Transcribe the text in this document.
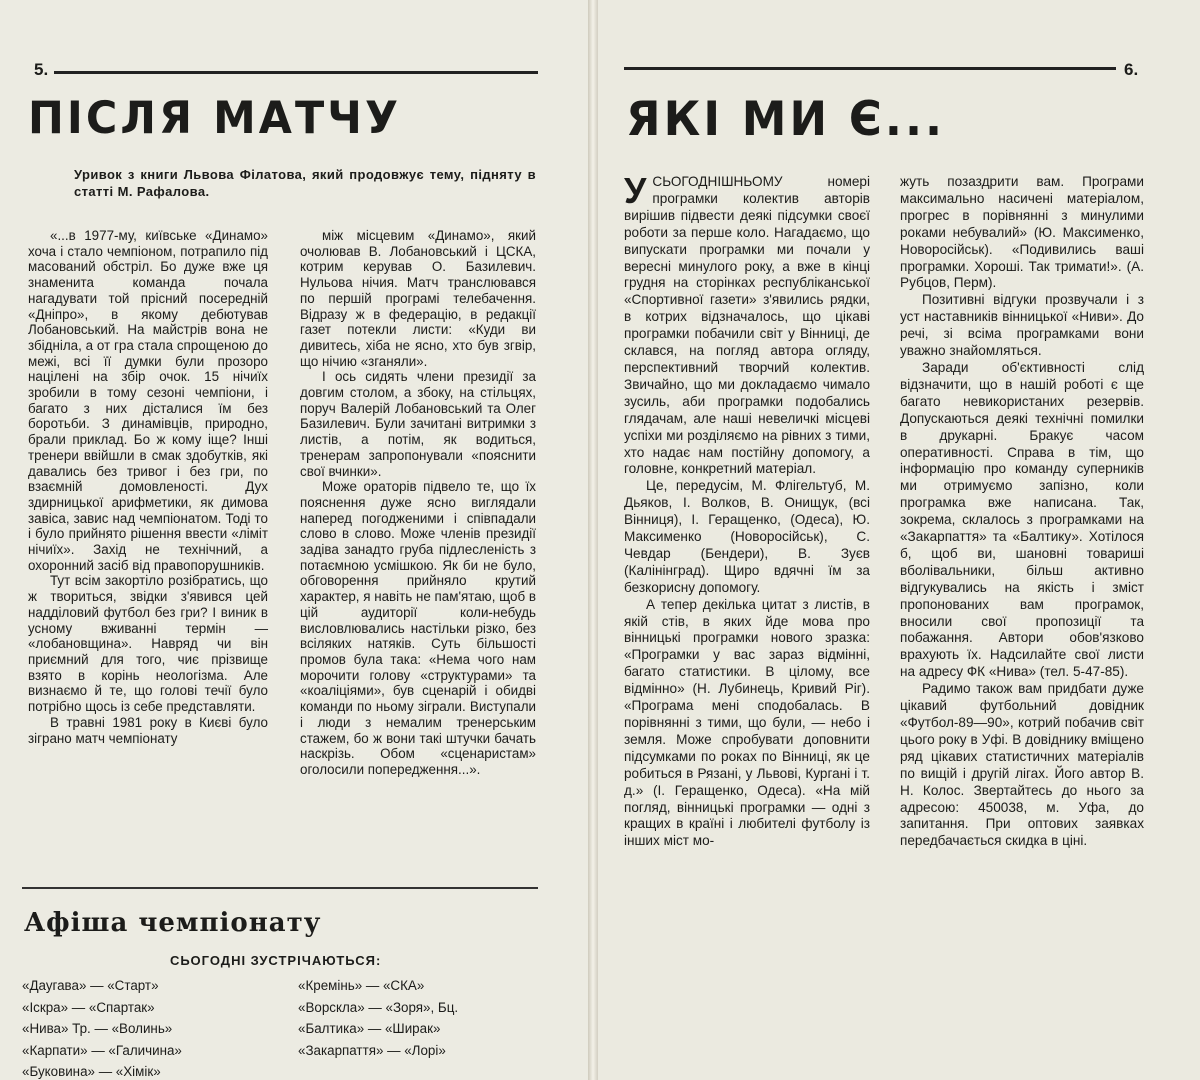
5.
ПІСЛЯ МАТЧУ

Уривок з книги Львова Філатова, який продовжує тему, підняту в статті М. Рафалова.

«...в 1977-му, київське «Динамо» хоча і стало чемпіоном, потрапило під масований обстріл. Бо дуже вже ця знаменита команда почала нагадувати той прісний посередній «Дніпро», в якому дебютував Лобановський. На майстрів вона не збідніла, а от гра стала спрощеною до межі, всі її думки були прозоро націлені на збір очок. 15 нічиїх зробили в тому сезоні чемпіони, і багато з них дісталися їм без боротьби. З динамівців, природно, брали приклад. Бо ж кому іще? Інші тренери ввійшли в смак здобутків, які давались без тривог і без гри, по взаємній домовленості. Дух здирницької арифметики, як димова завіса, завис над чемпіонатом. Тоді то і було прийнято рішення ввести «ліміт нічиїх». Захід не технічний, а охоронний засіб від правопорушників.

Тут всім закортіло розібратись, що ж твориться, звідки з'явився цей надділовий футбол без гри? І виник в усному вживанні термін — «лобановщина». Навряд чи він приємний для того, чиє прізвище взято в корінь неологізма. Але визнаємо й те, що голові течії було потрібно щось із себе представляти.

В травні 1981 року в Києві було зіграно матч чемпіонату

між місцевим «Динамо», який очолював В. Лобановський і ЦСКА, котрим керував О. Базилевич. Нульова нічия. Матч транслювався по першій програмі телебачення. Відразу ж в федерацію, в редакції газет потекли листи: «Куди ви дивитесь, хіба не ясно, хто був згвір, що нічию «зганяли».

І ось сидять члени президії за довгим столом, а збоку, на стільцях, поруч Валерій Лобановський та Олег Базилевич. Були зачитані витримки з листів, а потім, як водиться, тренерам запропонували «пояснити свої вчинки».

Може ораторів підвело те, що їх пояснення дуже ясно виглядали наперед погодженими і співпадали слово в слово. Може членів президії задіва занадто груба підлесленість з потаємною усмішкою. Як би не було, обговорення прийняло крутий характер, я навіть не пам'ятаю, щоб в цій аудиторії коли-небудь висловлювались настільки різко, без всіляких натяків. Суть більшості промов була така: «Нема чого нам морочити голову «структурами» та «коаліціями», був сценарій і обидві команди по ньому зіграли. Виступали і люди з немалим тренерським стажем, бо ж вони такі штучки бачать наскрізь. Обом «сценаристам» оголосили попередження...».

Афіша чемпіонату

СЬОГОДНІ ЗУСТРІЧАЮТЬСЯ:

«Даугава» — «Старт»
«Іскра» — «Спартак»
«Нива» Тр. — «Волинь»
«Карпати» — «Галичина»
«Буковина» — «Хімік»
«Кремінь» — «СКА»
«Ворскла» — «Зоря», Бц.
«Балтика» — «Ширак»
«Закарпаття» — «Лорі»
6.
ЯКІ МИ Є...

У СЬОГОДНІШНЬОМУ номері програмки колектив авторів вирішив підвести деякі підсумки своєї роботи за перше коло. Нагадаємо, що випускати програмки ми почали у вересні минулого року, а вже в кінці грудня на сторінках республіканської «Спортивної газети» з'явились рядки, в котрих відзначалось, що цікаві програмки побачили світ у Вінниці, де склався, на погляд автора огляду, перспективний творчий колектив. Звичайно, що ми докладаємо чимало зусиль, аби програмки подобались глядачам, але наші невеличкі місцеві успіхи ми розділяємо на рівних з тими, хто надає нам постійну допомогу, а головне, конкретний матеріал.

Це, передусім, М. Флігельтуб, М. Дьяков, І. Волков, В. Онищук, (всі Вінниця), І. Геращенко, (Одеса), Ю. Максименко (Новоросійськ), С. Чевдар (Бендери), В. Зуєв (Калінінград). Щиро вдячні їм за безкорисну допомогу.

А тепер декілька цитат з листів, в якій стів, в яких йде мова про вінницькі програмки нового зразка: «Програмки у вас зараз відмінні, багато статистики. В цілому, все відмінно» (Н. Лубинець, Кривий Ріг). «Програма мені сподобалась. В порівнянні з тими, що були, — небо і земля. Може спробувати доповнити підсумками по роках по Вінниці, як це робиться в Рязані, у Львові, Кургані і т. д.» (І. Геращенко, Одеса). «На мій погляд, вінницькі програмки — одні з кращих в країні і любителі футболу із інших міст мо-

жуть позаздрити вам. Програми максимально насичені матеріалом, прогрес в порівнянні з минулими роками небувалий» (Ю. Максименко, Новоросійськ). «Подивились ваші програмки. Хороші. Так тримати!». (А. Рубцов, Перм).

Позитивні відгуки прозвучали і з уст наставників вінницької «Ниви». До речі, зі всіма програмками вони уважно знайомляться.

Заради об'єктивності слід відзначити, що в нашій роботі є ще багато невикористаних резервів. Допускаються деякі технічні помилки в друкарні. Бракує часом оперативності. Справа в тім, що інформацію про команду суперників ми отримуємо запізно, коли програмка вже написана. Так, зокрема, склалось з програмками на «Закарпаття» та «Балтику». Хотілося б, щоб ви, шановні товариші вболівальники, більш активно відгукувались на якість і зміст пропонованих вам програмок, вносили свої пропозиції та побажання. Автори обов'язково врахують їх. Надсилайте свої листи на адресу ФК «Нива» (тел. 5-47-85).

Радимо також вам придбати дуже цікавий футбольний довідник «Футбол-89—90», котрий побачив світ цього року в Уфі. В довіднику вміщено ряд цікавих статистичних матеріалів по вищій і другій лігах. Його автор В. Н. Колос. Звертайтесь до нього за адресою: 450038, м. Уфа, до запитання. При оптових заявках передбачається скидка в ціні.
